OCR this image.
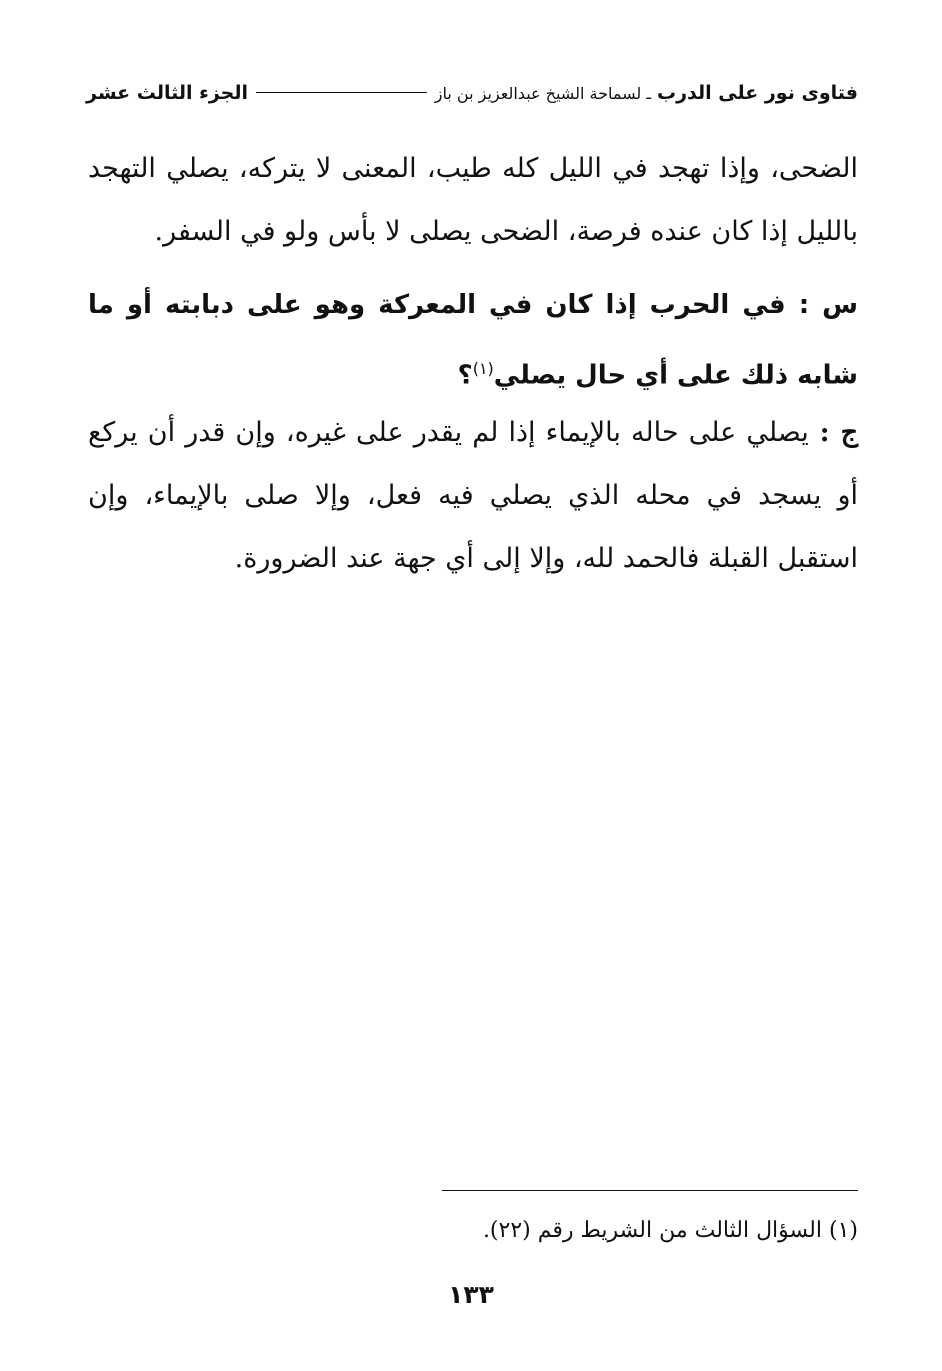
فتاوى نور على الدرب
ـ لسماحة الشيخ عبدالعزيز بن باز
الجزء الثالث عشر

الضحى، وإذا تهجد في الليل كله طيب، المعنى لا يتركه، يصلي التهجد بالليل إذا كان عنده فرصة، الضحى يصلى لا بأس ولو في السفر.

س : في الحرب إذا كان في المعركة وهو على دبابته أو ما شابه ذلك على أي حال يصلي$^{(١)}$؟

ج : يصلي على حاله بالإيماء إذا لم يقدر على غيره، وإن قدر أن يركع أو يسجد في محله الذي يصلي فيه فعل، وإلا صلى بالإيماء، وإن استقبل القبلة فالحمد لله، وإلا إلى أي جهة عند الضرورة.

(١) السؤال الثالث من الشريط رقم (٢٢).

١٣٣
